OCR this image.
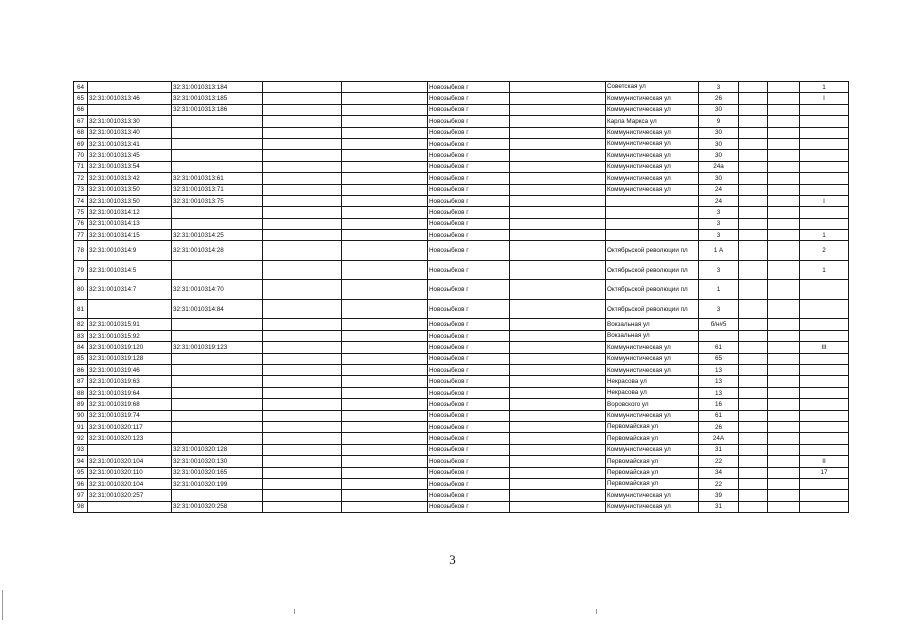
64		32:31:0010313:184			Новозыбков г			Советская ул	3			1
65	32:31:0010313:46	32:31:0010313:185			Новозыбков г			Коммунистическая ул	26			I
66		32:31:0010313:186			Новозыбков г			Коммунистическая ул	30			
67	32:31:0010313:30				Новозыбков г			Карла Маркса ул	9			
68	32:31:0010313:40				Новозыбков г			Коммунистическая ул	30			
69	32:31:0010313:41				Новозыбков г			Коммунистическая ул	30			
70	32:31:0010313:45				Новозыбков г			Коммунистическая ул	30			
71	32:31:0010313:54				Новозыбков г			Коммунистическая ул	24а			
72	32:31:0010313:42	32:31:0010313:61			Новозыбков г			Коммунистическая ул	30			
73	32:31:0010313:50	32:31:0010313:71			Новозыбков г			Коммунистическая ул	24			
74	32:31:0010313:50	32:31:0010313:75			Новозыбков г				24			I
75	32:31:0010314:12				Новозыбков г				3			
76	32:31:0010314:13				Новозыбков г				3			
77	32:31:0010314:15	32:31:0010314:25			Новозыбков г				3			1
78	32:31:0010314:9	32:31:0010314:28			Новозыбков г			Октябрьской революции пл	1 А			2
79	32:31:0010314:5				Новозыбков г			Октябрьской революции пл	3			1
80	32:31:0010314:7	32:31:0010314:70			Новозыбков г			Октябрьской революции пл	1			
81		32:31:0010314:84			Новозыбков г			Октябрьской революции пл	3			
82	32:31:0010315:91				Новозыбков г			Вокзальная ул	б/н#5			
83	32:31:0010315:92				Новозыбков г			Вокзальная ул				
84	32:31:0010319:120	32:31:0010319:123			Новозыбков г			Коммунистическая ул	61			III
85	32:31:0010319:128				Новозыбков г			Коммунистическая ул	65			
86	32:31:0010319:46				Новозыбков г			Коммунистическая ул	13			
87	32:31:0010319:63				Новозыбков г			Некрасова ул	13			
88	32:31:0010319:64				Новозыбков г			Некрасова ул	13			
89	32:31:0010319:68				Новозыбков г			Воровского ул	16			
90	32:31:0010319:74				Новозыбков г			Коммунистическая ул	61			
91	32:31:0010320:117				Новозыбков г			Первомайская ул	26			
92	32:31:0010320:123				Новозыбков г			Первомайская ул	24А			
93		32:31:0010320:128			Новозыбков г			Коммунистическая ул	31			
94	32:31:0010320:104	32:31:0010320:130			Новозыбков г			Первомайская ул	22			II
95	32:31:0010320:110	32:31:0010320:165			Новозыбков г			Первомайская ул	34			17
96	32:31:0010320:104	32:31:0010320:199			Новозыбков г			Первомайская ул	22			
97	32:31:0010320:257				Новозыбков г			Коммунистическая ул	39			
98		32:31:0010320:258			Новозыбков г			Коммунистическая ул	31			
3
